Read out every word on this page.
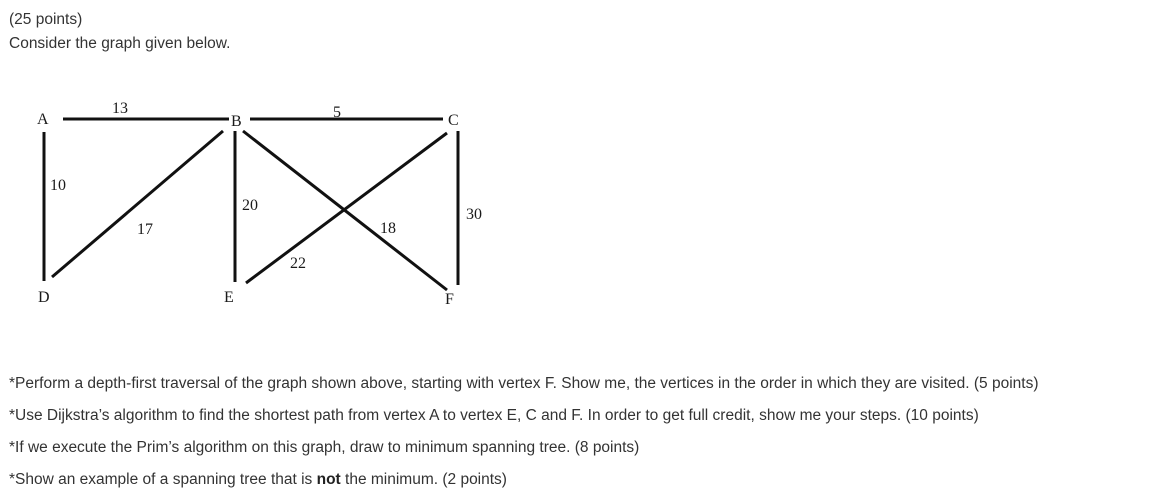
(25 points)
Consider the graph given below.
A	B	C
D	E	F
13	5
10
17
20
18
22
30
*Perform a depth-first traversal of the graph shown above, starting with vertex F. Show me, the vertices in the order in which they are visited. (5 points)
*Use Dijkstra’s algorithm to find the shortest path from vertex A to vertex E, C and F. In order to get full credit, show me your steps. (10 points)
*If we execute the Prim’s algorithm on this graph, draw to minimum spanning tree. (8 points)
*Show an example of a spanning tree that is not the minimum. (2 points)
